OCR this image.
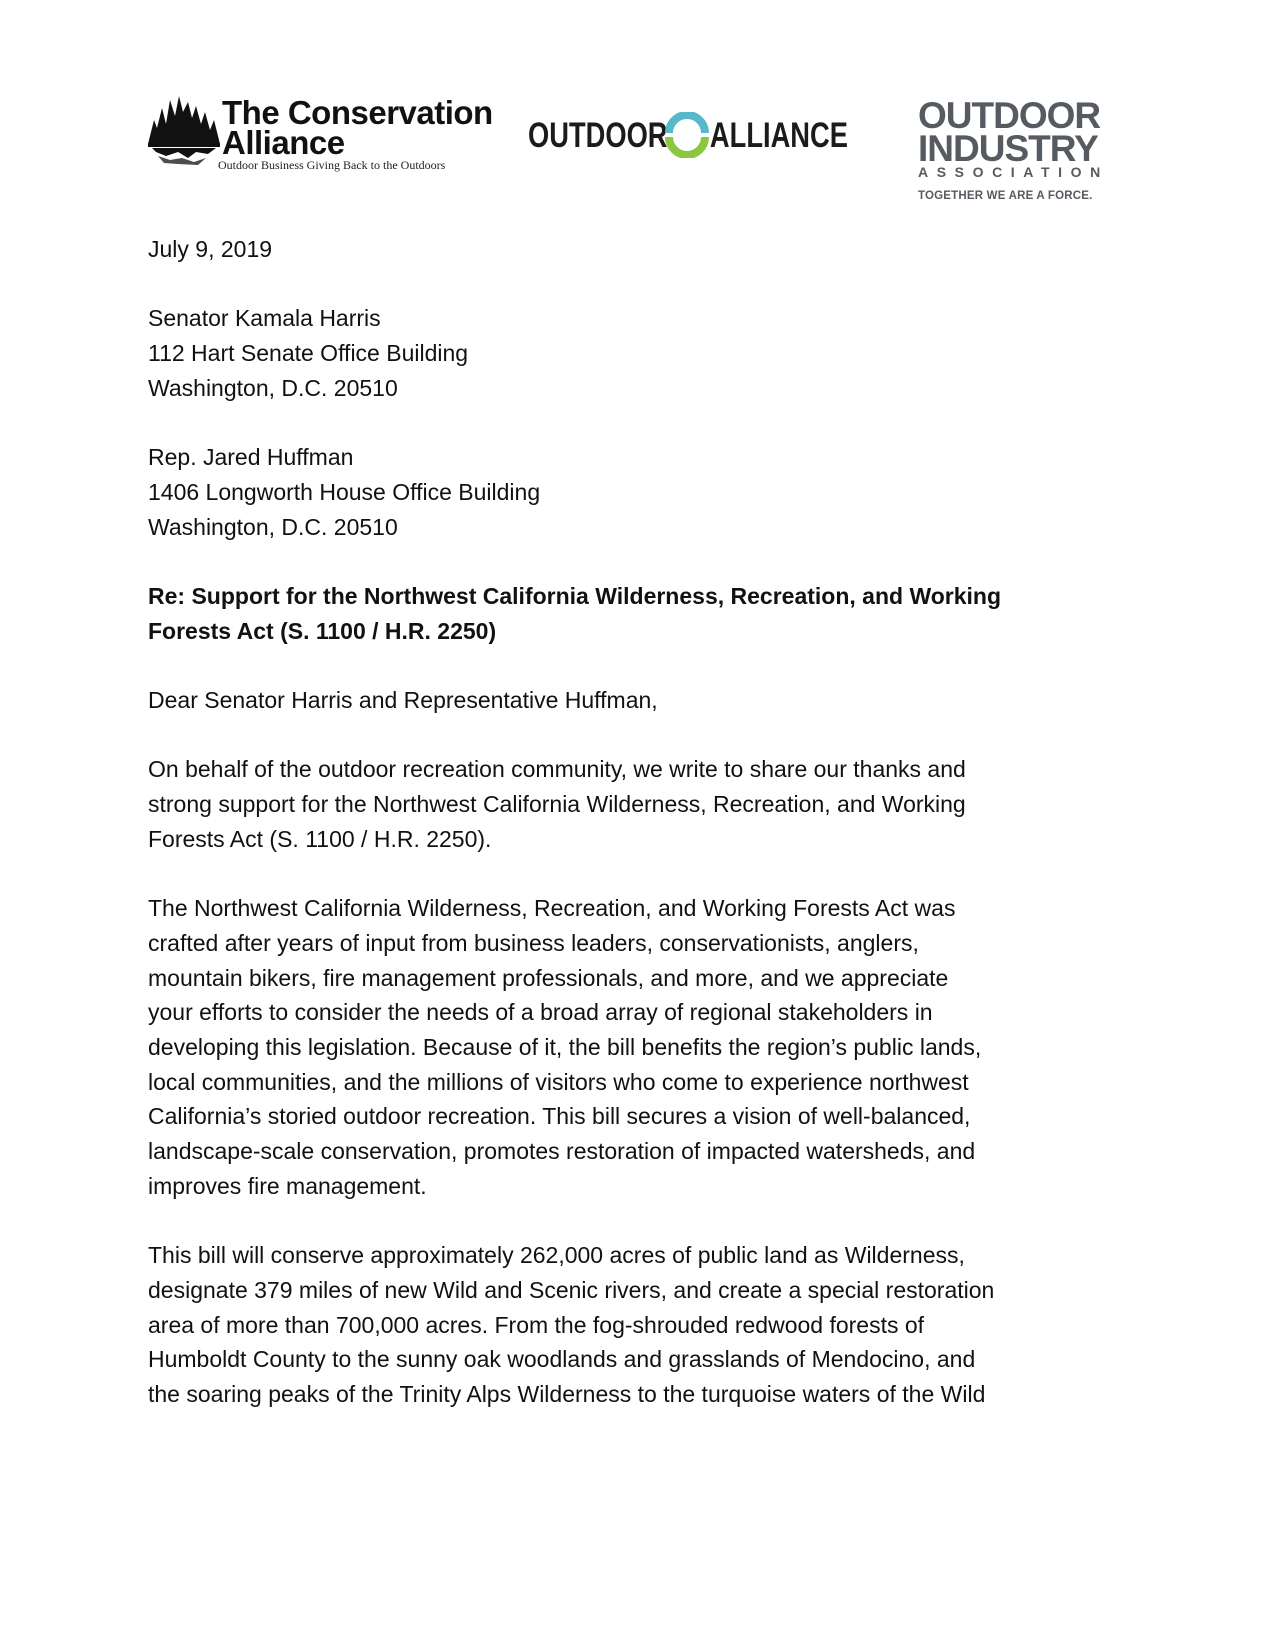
The Conservation
Alliance
Outdoor Business Giving Back to the Outdoors
OUTDOOR ALLIANCE OUTDOOR
INDUSTRY
ASSOCIATION
TOGETHER WE ARE A FORCE.

July 9, 2019

Senator Kamala Harris
112 Hart Senate Office Building
Washington, D.C. 20510

Rep. Jared Huffman
1406 Longworth House Office Building
Washington, D.C. 20510

Re: Support for the Northwest California Wilderness, Recreation, and Working
Forests Act (S. 1100 / H.R. 2250)

Dear Senator Harris and Representative Huffman,

On behalf of the outdoor recreation community, we write to share our thanks and
strong support for the Northwest California Wilderness, Recreation, and Working
Forests Act (S. 1100 / H.R. 2250).

The Northwest California Wilderness, Recreation, and Working Forests Act was
crafted after years of input from business leaders, conservationists, anglers,
mountain bikers, fire management professionals, and more, and we appreciate
your efforts to consider the needs of a broad array of regional stakeholders in
developing this legislation. Because of it, the bill benefits the region’s public lands,
local communities, and the millions of visitors who come to experience northwest
California’s storied outdoor recreation. This bill secures a vision of well-balanced,
landscape-scale conservation, promotes restoration of impacted watersheds, and
improves fire management.

This bill will conserve approximately 262,000 acres of public land as Wilderness,
designate 379 miles of new Wild and Scenic rivers, and create a special restoration
area of more than 700,000 acres. From the fog-shrouded redwood forests of
Humboldt County to the sunny oak woodlands and grasslands of Mendocino, and
the soaring peaks of the Trinity Alps Wilderness to the turquoise waters of the Wild
